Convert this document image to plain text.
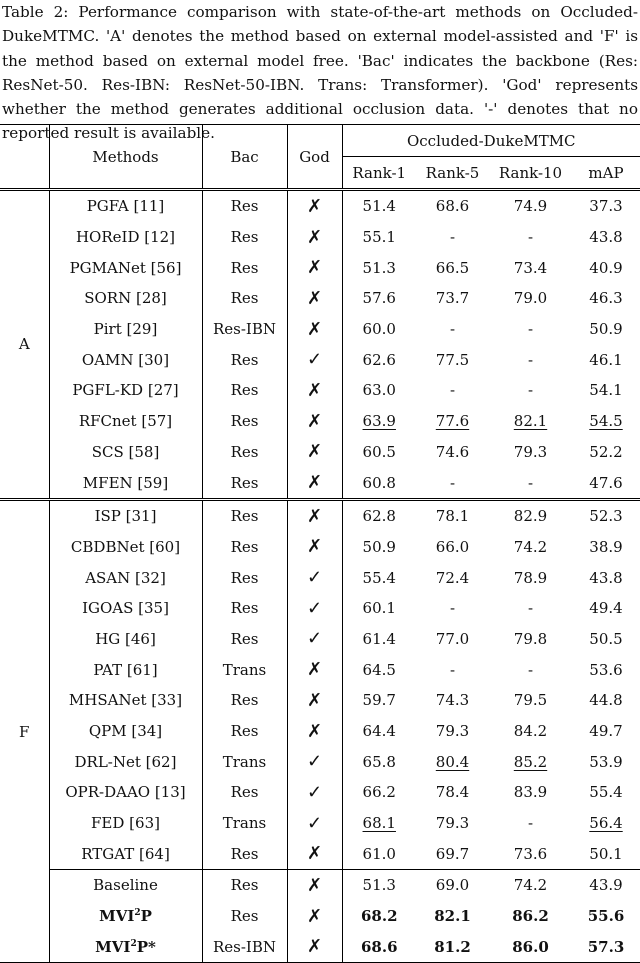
Table 2: Performance comparison with state-of-the-art methods on Occluded-DukeMTMC. 'A' denotes the method based on external model-assisted and 'F' is the method based on external model free. 'Bac' indicates the backbone (Res: ResNet-50. Res-IBN: ResNet-50-IBN. Trans: Transformer). 'God' represents whether the method generates additional occlusion data. '-' denotes that no reported result is available.
	Methods	Bac	God	Occluded-DukeMTMC			
				Rank-1	Rank-5	Rank-10	mAP
A	PGFA [11]	Res	✗	51.4	68.6	74.9	37.3
	HOReID [12]	Res	✗	55.1	-	-	43.8
	PGMANet [56]	Res	✗	51.3	66.5	73.4	40.9
	SORN [28]	Res	✗	57.6	73.7	79.0	46.3
	Pirt [29]	Res-IBN	✗	60.0	-	-	50.9
	OAMN [30]	Res	✓	62.6	77.5	-	46.1
	PGFL-KD [27]	Res	✗	63.0	-	-	54.1
	RFCnet [57]	Res	✗	63.9	77.6	82.1	54.5
	SCS [58]	Res	✗	60.5	74.6	79.3	52.2
	MFEN [59]	Res	✗	60.8	-	-	47.6
F	ISP [31]	Res	✗	62.8	78.1	82.9	52.3
	CBDBNet [60]	Res	✗	50.9	66.0	74.2	38.9
	ASAN [32]	Res	✓	55.4	72.4	78.9	43.8
	IGOAS [35]	Res	✓	60.1	-	-	49.4
	HG [46]	Res	✓	61.4	77.0	79.8	50.5
	PAT [61]	Trans	✗	64.5	-	-	53.6
	MHSANet [33]	Res	✗	59.7	74.3	79.5	44.8
	QPM [34]	Res	✗	64.4	79.3	84.2	49.7
	DRL-Net [62]	Trans	✓	65.8	80.4	85.2	53.9
	OPR-DAAO [13]	Res	✓	66.2	78.4	83.9	55.4
	FED [63]	Trans	✓	68.1	79.3	-	56.4
	RTGAT [64]	Res	✗	61.0	69.7	73.6	50.1
	Baseline	Res	✗	51.3	69.0	74.2	43.9
	MVI$^2$P	Res	✗	68.2	82.1	86.2	55.6
	MVI$^2$P*	Res-IBN	✗	68.6	81.2	86.0	57.3
